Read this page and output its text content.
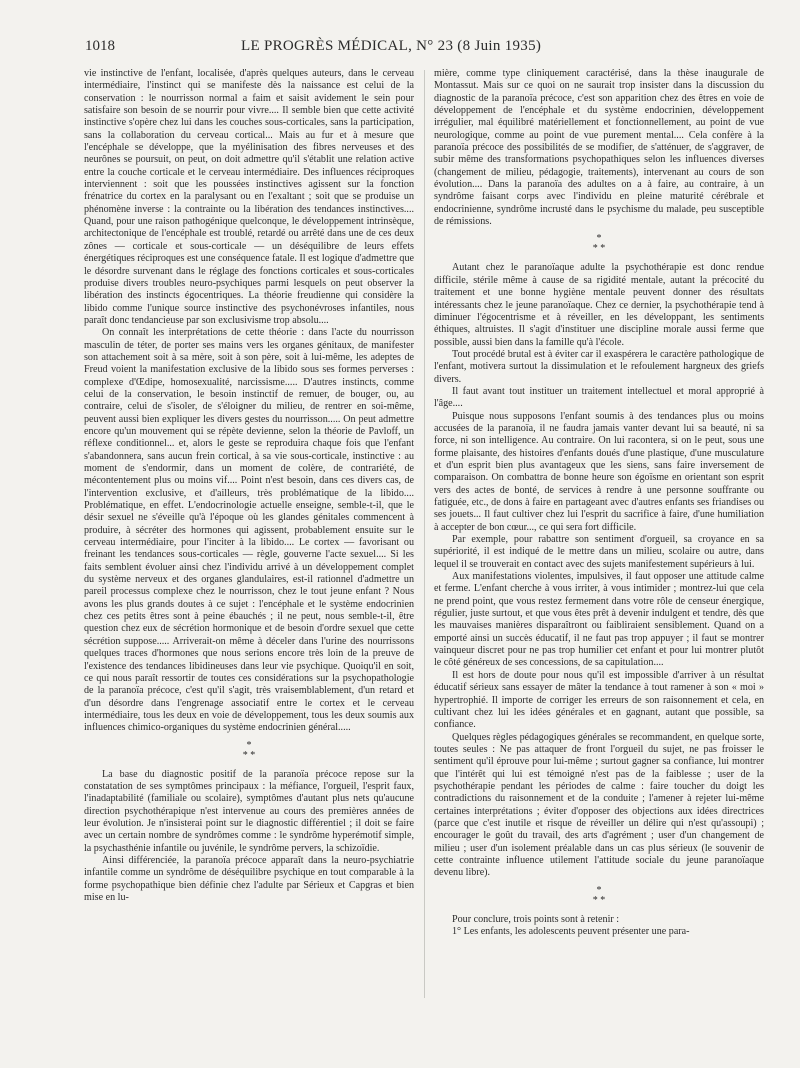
1018	LE PROGRÈS MÉDICAL, N° 23 (8 Juin 1935)

vie instinctive de l'enfant, localisée, d'après quelques auteurs, dans le cerveau intermédiaire, l'instinct qui se manifeste dès la naissance est celui de la conservation : le nourrisson normal a faim et saisit avidement le sein pour satisfaire son besoin de se nourrir pour vivre.... Il semble bien que cette activité instinctive s'opère chez lui dans les couches sous-corticales, sans la participation, sans la collaboration du cerveau cortical... Mais au fur et à mesure que l'encéphale se développe, que la myélinisation des fibres nerveuses et des neurônes se poursuit, on peut, on doit admettre qu'il s'établit une relation active entre la couche corticale et le cerveau intermédiaire. Des influences réciproques interviennent : soit que les poussées instinctives agissent sur la fonction frénatrice du cortex en la paralysant ou en l'exaltant ; soit que se produise un phénomène inverse : la contrainte ou la libération des tendances instinctives.... Quand, pour une raison pathogénique quelconque, le développement intrinsèque, architectonique de l'encéphale est troublé, retardé ou arrêté dans une de ces deux zônes — corticale et sous-corticale — un déséquilibre de leurs effets énergétiques réciproques est une conséquence fatale. Il est logique d'admettre que le désordre survenant dans le réglage des fonctions corticales et sous-corticales produise divers troubles neuro-psychiques parmi lesquels on peut observer la libération des instincts égocentriques. La théorie freudienne qui considère la libido comme l'unique source instinctive des psychonévroses infantiles, nous paraît donc tendancieuse par son exclusivisme trop absolu....

On connaît les interprétations de cette théorie : dans l'acte du nourrisson masculin de téter, de porter ses mains vers les organes génitaux, de manifester son attachement soit à sa mère, soit à son père, soit à lui-même, les adeptes de Freud voient la manifestation exclusive de la libido sous ses formes perverses : complexe d'Œdipe, homosexualité, narcissisme..... D'autres instincts, comme celui de la conservation, le besoin instinctif de remuer, de bouger, ou, au contraire, celui de s'isoler, de s'éloigner du milieu, de rentrer en soi-même, peuvent aussi bien expliquer les divers gestes du nourrisson..... On peut admettre encore qu'un mouvement qui se répète devienne, selon la théorie de Pavloff, un réflexe conditionnel... et, alors le geste se reproduira chaque fois que l'enfant s'abandonnera, sans aucun frein cortical, à sa vie sous-corticale, instinctive : au moment de s'endormir, dans un moment de colère, de contrariété, de mécontentement plus ou moins vif.... Point n'est besoin, dans ces divers cas, de l'intervention exclusive, et d'ailleurs, très problématique de la libido.... Problématique, en effet. L'endocrinologie actuelle enseigne, semble-t-il, que le désir sexuel ne s'éveille qu'à l'époque où les glandes génitales commencent à produire, à sécréter des hormones qui agissent, probablement ensuite sur le cerveau intermédiaire, pour l'inciter à la libido.... Le cortex — favorisant ou freinant les tendances sous-corticales — règle, gouverne l'acte sexuel.... Si les faits semblent évoluer ainsi chez l'individu arrivé à un développement complet du système nerveux et des organes glandulaires, est-il rationnel d'admettre un pareil processus complexe chez le nourrisson, chez le tout jeune enfant ? Nous avons les plus grands doutes à ce sujet : l'encéphale et le système endocrinien chez ces petits êtres sont à peine ébauchés ; il ne peut, nous semble-t-il, être question chez eux de sécrétion hormonique et de besoin d'ordre sexuel que cette sécrétion suppose..... Arriverait-on même à déceler dans l'urine des nourrissons quelques traces d'hormones que nous serions encore très loin de la preuve de l'existence des tendances libidineuses dans leur vie psychique. Quoiqu'il en soit, ce qui nous paraît ressortir de toutes ces considérations sur la psychopathologie de la paranoïa précoce, c'est qu'il s'agit, très vraisemblablement, d'un retard et d'un désordre dans l'engrenage associatif entre le cortex et le cerveau intermédiaire, tous les deux en voie de développement, tous les deux soumis aux influences chimico-organiques du système endocrinien général.....

*
* *

La base du diagnostic positif de la paranoïa précoce repose sur la constatation de ses symptômes principaux : la méfiance, l'orgueil, l'esprit faux, l'inadaptabilité (familiale ou scolaire), symptômes d'autant plus nets qu'aucune direction psychothérapique n'est intervenue au cours des premières années de leur évolution. Je n'insisterai point sur le diagnostic différentiel ; il doit se faire avec un certain nombre de syndrômes comme : le syndrôme hyperémotif simple, la psychasthénie infantile ou juvénile, le syndrôme pervers, la schizoïdie.

Ainsi différenciée, la paranoïa précoce apparaît dans la neuro-psychiatrie infantile comme un syndrôme de déséquilibre psychique en tout comparable à la forme psychopathique bien définie chez l'adulte par Sérieux et Capgras et bien mise en lu-

mière, comme type cliniquement caractérisé, dans la thèse inaugurale de Montassut. Mais sur ce quoi on ne saurait trop insister dans la discussion du diagnostic de la paranoïa précoce, c'est son apparition chez des êtres en voie de développement de l'encéphale et du système endocrinien, développement irrégulier, mal équilibré matériellement et fonctionnellement, au point de vue neurologique, comme au point de vue purement mental.... Cela confère à la paranoïa précoce des possibilités de se modifier, de s'atténuer, de s'aggraver, de subir même des transformations psychopathiques selon les influences diverses (changement de milieu, pédagogie, traitements), intervenant au cours de son évolution.... Dans la paranoïa des adultes on a à faire, au contraire, à un syndrôme faisant corps avec l'individu en pleine maturité cérébrale et endocrinienne, syndrôme incrusté dans le psychisme du malade, peu susceptible de rémissions.

*
* *

Autant chez le paranoïaque adulte la psychothérapie est donc rendue difficile, stérile même à cause de sa rigidité mentale, autant la précocité du traitement et une bonne hygiène mentale peuvent donner des résultats intéressants chez le jeune paranoïaque. Chez ce dernier, la psychothérapie tend à diminuer l'égocentrisme et à réveiller, en les développant, les sentiments éthiques, altruistes. Il s'agit d'instituer une discipline morale aussi ferme que possible, aussi bien dans la famille qu'à l'école.

Tout procédé brutal est à éviter car il exaspérera le caractère pathologique de l'enfant, motivera surtout la dissimulation et le refoulement hargneux des griefs divers.

Il faut avant tout instituer un traitement intellectuel et moral approprié à l'âge....

Puisque nous supposons l'enfant soumis à des tendances plus ou moins accusées de la paranoïa, il ne faudra jamais vanter devant lui sa beauté, ni sa force, ni son intelligence. Au contraire. On lui racontera, si on le peut, sous une forme plaisante, des histoires d'enfants doués d'une plastique, d'une musculature et d'un esprit bien plus avantageux que les siens, sans faire inversement de comparaison. On combattra de bonne heure son égoïsme en orientant son esprit vers des actes de bonté, de services à rendre à une personne souffrante ou fatiguée, etc., de dons à faire en partageant avec d'autres enfants ses friandises ou ses jouets... Il faut cultiver chez lui l'esprit du sacrifice à faire, d'une humiliation à accepter de bon cœur..., ce qui sera fort difficile.

Par exemple, pour rabattre son sentiment d'orgueil, sa croyance en sa supériorité, il est indiqué de le mettre dans un milieu, scolaire ou autre, dans lequel il se trouverait en contact avec des sujets manifestement supérieurs à lui.

Aux manifestations violentes, impulsives, il faut opposer une attitude calme et ferme. L'enfant cherche à vous irriter, à vous intimider ; montrez-lui que cela ne prend point, que vous restez fermement dans votre rôle de censeur énergique, régulier, juste surtout, et que vous êtes prêt à devenir indulgent et tendre, dès que les mauvaises manières disparaîtront ou faibliraient sensiblement. Quand on a emporté ainsi un succès éducatif, il ne faut pas trop appuyer ; il faut se montrer vainqueur discret pour ne pas trop humilier cet enfant et pour lui montrer plutôt le côté généreux de ses concessions, de sa capitulation....

Il est hors de doute pour nous qu'il est impossible d'arriver à un résultat éducatif sérieux sans essayer de mâter la tendance à tout ramener à son « moi » hypertrophié. Il importe de corriger les erreurs de son raisonnement et cela, en cultivant chez lui les idées générales et en gagnant, autant que possible, sa confiance.

Quelques règles pédagogiques générales se recommandent, en quelque sorte, toutes seules : Ne pas attaquer de front l'orgueil du sujet, ne pas froisser le sentiment qu'il éprouve pour lui-même ; surtout gagner sa confiance, lui montrer que l'intérêt qui lui est témoigné n'est pas de la faiblesse ; user de la psychothérapie pendant les périodes de calme : faire toucher du doigt les contradictions du raisonnement et de la conduite ; l'amener à rejeter lui-même certaines interprétations ; éviter d'opposer des objections aux idées directrices (parce que c'est inutile et risque de réveiller un délire qui n'est qu'assoupi) ; encourager le goût du travail, des arts d'agrément ; user d'un changement de milieu ; user d'un isolement préalable dans un cas plus sérieux (le souvenir de cette contrainte influence utilement l'attitude sociale du jeune paranoïaque devenu libre).

*
* *

Pour conclure, trois points sont à retenir :

1° Les enfants, les adolescents peuvent présenter une para-
